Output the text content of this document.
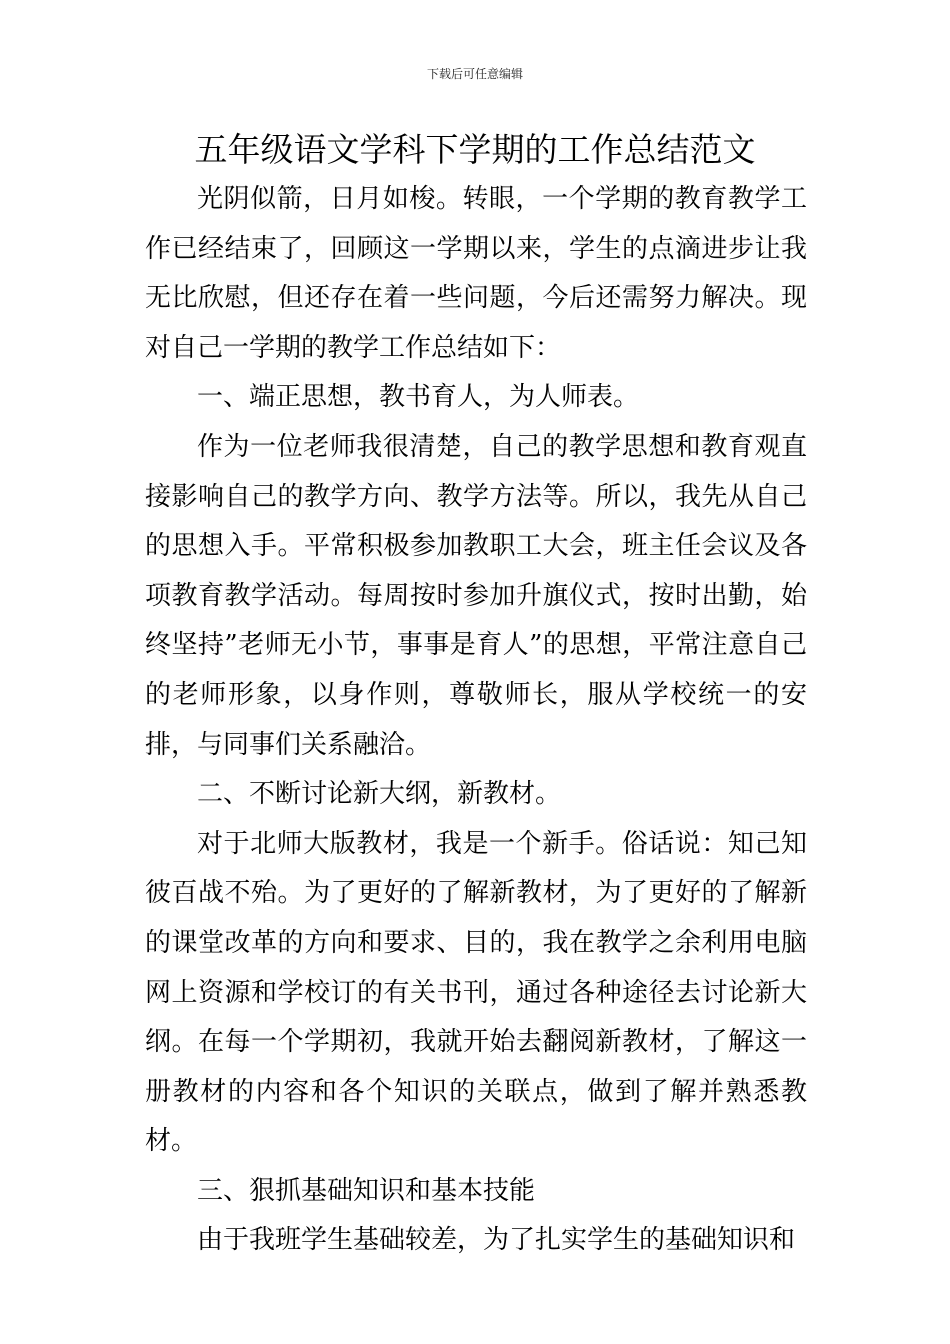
下载后可任意编辑
五年级语文学科下学期的工作总结范文

光阴似箭，日月如梭。转眼，一个学期的教育教学工作已经结束了，回顾这一学期以来，学生的点滴进步让我无比欣慰，但还存在着一些问题，今后还需努力解决。现对自己一学期的教学工作总结如下：

一、端正思想，教书育人，为人师表。

作为一位老师我很清楚，自己的教学思想和教育观直接影响自己的教学方向、教学方法等。所以，我先从自己的思想入手。平常积极参加教职工大会，班主任会议及各项教育教学活动。每周按时参加升旗仪式，按时出勤，始终坚持”老师无小节，事事是育人”的思想，平常注意自己的老师形象，以身作则，尊敬师长，服从学校统一的安排，与同事们关系融洽。

二、不断讨论新大纲，新教材。

对于北师大版教材，我是一个新手。俗话说：知己知彼百战不殆。为了更好的了解新教材，为了更好的了解新的课堂改革的方向和要求、目的，我在教学之余利用电脑网上资源和学校订的有关书刊，通过各种途径去讨论新大纲。在每一个学期初，我就开始去翻阅新教材，了解这一册教材的内容和各个知识的关联点，做到了解并熟悉教材。

三、狠抓基础知识和基本技能

由于我班学生基础较差，为了扎实学生的基础知识和
